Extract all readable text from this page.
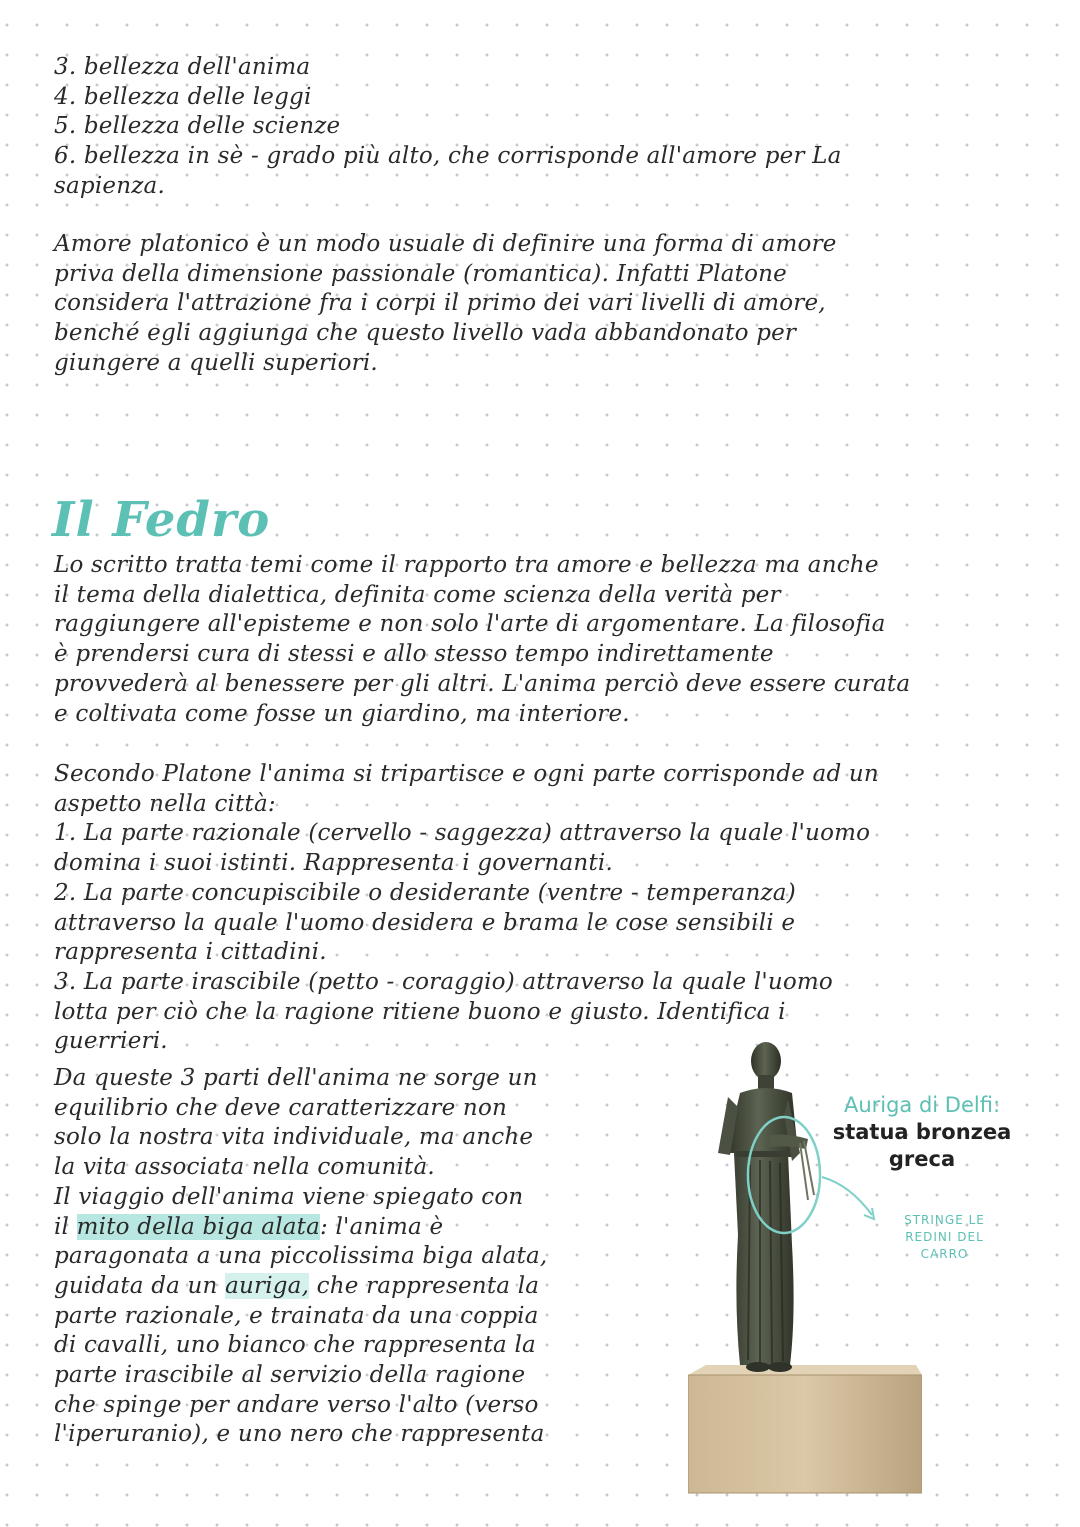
3. bellezza dell'anima
4. bellezza delle leggi
5. bellezza delle scienze
6. bellezza in sè - grado più alto, che corrisponde all'amore per La
sapienza.
Amore platonico è un modo usuale di definire una forma di amore
priva della dimensione passionale (romantica). Infatti Platone
considera l'attrazione fra i corpi il primo dei vari livelli di amore,
benché egli aggiunga che questo livello vada abbandonato per
giungere a quelli superiori.
Il Fedro
Lo scritto tratta temi come il rapporto tra amore e bellezza ma anche
il tema della dialettica, definita come scienza della verità per
raggiungere all'episteme e non solo l'arte di argomentare. La filosofia
è prendersi cura di stessi e allo stesso tempo indirettamente
provvederà al benessere per gli altri. L'anima perciò deve essere curata
e coltivata come fosse un giardino, ma interiore.
Secondo Platone l'anima si tripartisce e ogni parte corrisponde ad un
aspetto nella città:
1. La parte razionale (cervello - saggezza) attraverso la quale l'uomo
domina i suoi istinti. Rappresenta i governanti.
2. La parte concupiscibile o desiderante (ventre - temperanza)
attraverso la quale l'uomo desidera e brama le cose sensibili e
rappresenta i cittadini.
3. La parte irascibile (petto - coraggio) attraverso la quale l'uomo
lotta per ciò che la ragione ritiene buono e giusto. Identifica i
guerrieri.
Da queste 3 parti dell'anima ne sorge un
equilibrio che deve caratterizzare non
solo la nostra vita individuale, ma anche
la vita associata nella comunità.
Il viaggio dell'anima viene spiegato con
il mito della biga alata: l'anima è
paragonata a una piccolissima biga alata,
guidata da un auriga, che rappresenta la
parte razionale, e trainata da una coppia
di cavalli, uno bianco che rappresenta la
parte irascibile al servizio della ragione
che spinge per andare verso l'alto (verso
l'iperuranio), e uno nero che rappresenta
Auriga di Delfi:
statua bronzea
greca
STRINGE LE
REDINI DEL
CARRO
